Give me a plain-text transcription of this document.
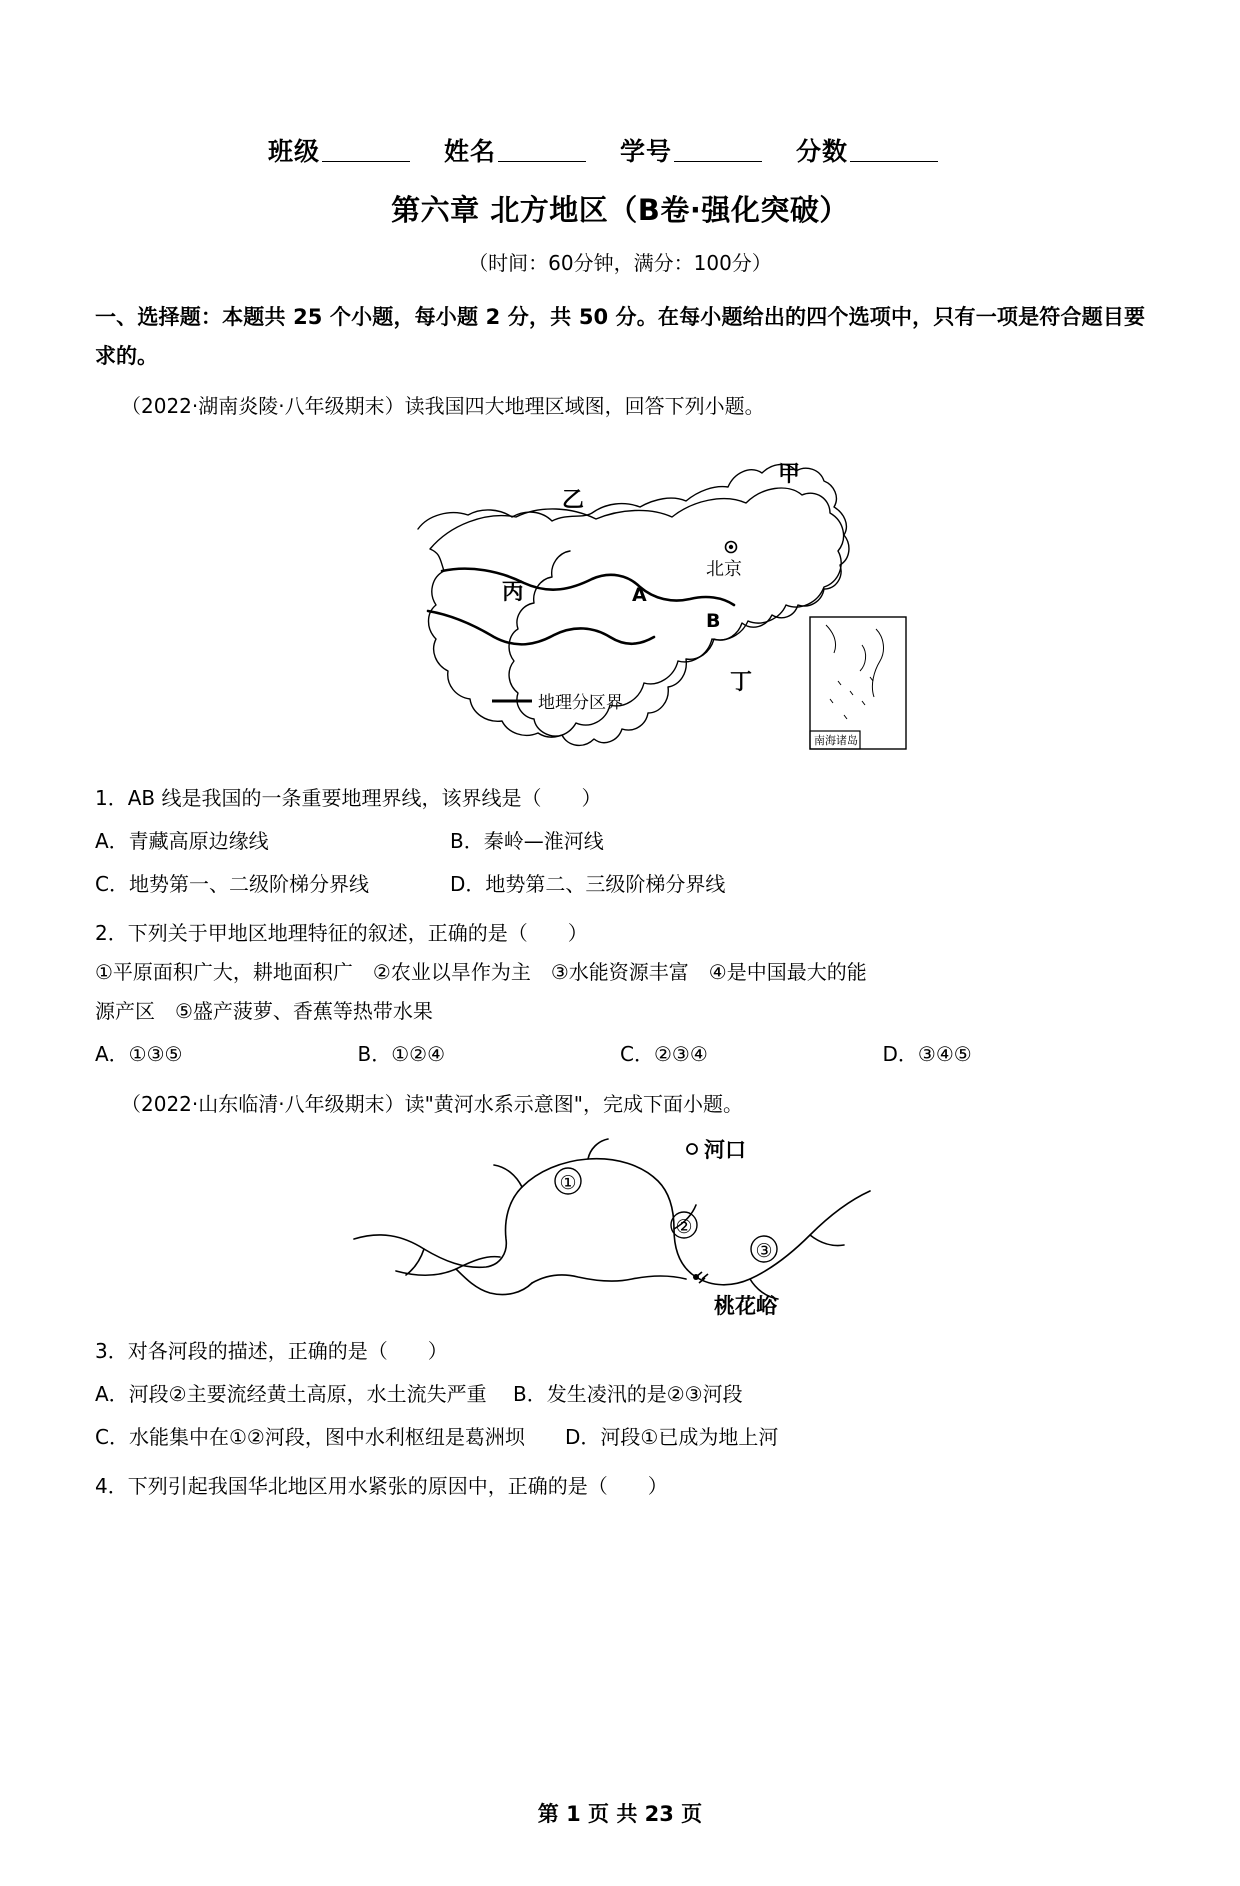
班级	姓名	学号	分数
第六章 北方地区（B卷·强化突破）
（时间：60分钟，满分：100分）
一、选择题：本题共 25 个小题，每小题 2 分，共 50 分。在每小题给出的四个选项中，只有一项是符合题目要求的。
（2022·湖南炎陵·八年级期末）读我国四大地理区域图，回答下列小题。
甲
乙
丙
丁
A
B
北京
地理分区界
南海诸岛
1．AB 线是我国的一条重要地理界线，该界线是（　　）
A．青藏高原边缘线	B．秦岭—淮河线
C．地势第一、二级阶梯分界线	D．地势第二、三级阶梯分界线
2．下列关于甲地区地理特征的叙述，正确的是（　　）
①平原面积广大，耕地面积广　②农业以旱作为主　③水能资源丰富　④是中国最大的能
源产区　⑤盛产菠萝、香蕉等热带水果
A．①③⑤	B．①②④	C．②③④	D．③④⑤
（2022·山东临清·八年级期末）读"黄河水系示意图"，完成下面小题。
河口
桃花峪
①
②
③
3．对各河段的描述，正确的是（　　）
A．河段②主要流经黄土高原，水土流失严重	B．发生凌汛的是②③河段
C．水能集中在①②河段，图中水利枢纽是葛洲坝	D．河段①已成为地上河
4．下列引起我国华北地区用水紧张的原因中，正确的是（　　）
第 1 页 共 23 页
